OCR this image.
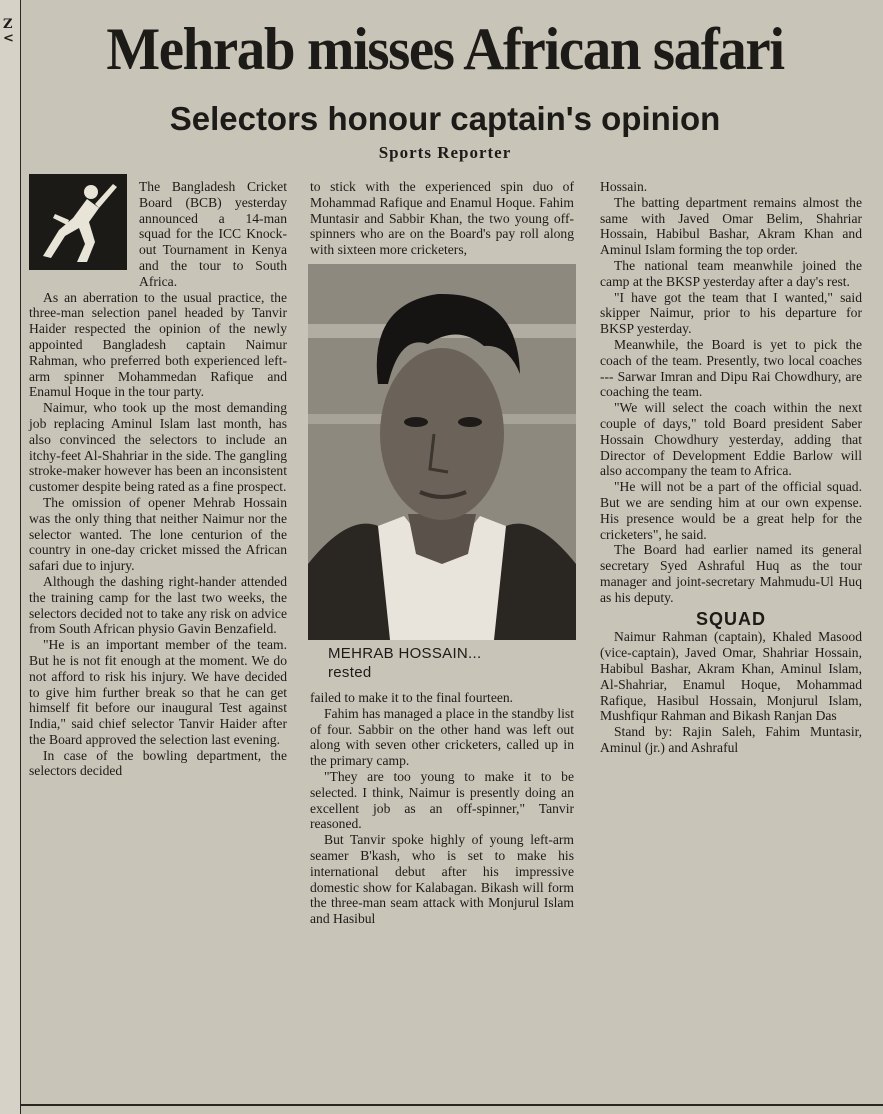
Z <	Mehrab misses African safari
Selectors honour captain's opinion
Sports Reporter

The Bangladesh Cricket Board (BCB) yesterday announced a 14-man squad for the ICC Knock-out Tournament in Kenya and the tour to South Africa.

As an aberration to the usual practice, the three-man selection panel headed by Tanvir Haider respected the opinion of the newly appointed Bangladesh captain Naimur Rahman, who preferred both experienced left-arm spinner Mohammedan Rafique and Enamul Hoque in the tour party.

Naimur, who took up the most demanding job replacing Aminul Islam last month, has also convinced the selectors to include an itchy-feet Al-Shahriar in the side. The gangling stroke-maker however has been an inconsistent customer despite being rated as a fine prospect.

The omission of opener Mehrab Hossain was the only thing that neither Naimur nor the selector wanted. The lone centurion of the country in one-day cricket missed the African safari due to injury.

Although the dashing right-hander attended the training camp for the last two weeks, the selectors decided not to take any risk on advice from South African physio Gavin Benzafield.

"He is an important member of the team. But he is not fit enough at the moment. We do not afford to risk his injury. We have decided to give him further break so that he can get himself fit before our inaugural Test against India," said chief selector Tanvir Haider after the Board approved the selection last evening.

In case of the bowling department, the selectors decided

to stick with the experienced spin duo of Mohammad Rafique and Enamul Hoque. Fahim Muntasir and Sabbir Khan, the two young off-spinners who are on the Board's pay roll along with sixteen more cricketers,

MEHRAB HOSSAIN...
rested

failed to make it to the final fourteen.

Fahim has managed a place in the standby list of four. Sabbir on the other hand was left out along with seven other cricketers, called up in the primary camp.

"They are too young to make it to be selected. I think, Naimur is presently doing an excellent job as an off-spinner," Tanvir reasoned.

But Tanvir spoke highly of young left-arm seamer B'kash, who is set to make his international debut after his impressive domestic show for Kalabagan. Bikash will form the three-man seam attack with Monjurul Islam and Hasibul

Hossain.

The batting department remains almost the same with Javed Omar Belim, Shahriar Hossain, Habibul Bashar, Akram Khan and Aminul Islam forming the top order.

The national team meanwhile joined the camp at the BKSP yesterday after a day's rest.

"I have got the team that I wanted," said skipper Naimur, prior to his departure for BKSP yesterday.

Meanwhile, the Board is yet to pick the coach of the team. Presently, two local coaches --- Sarwar Imran and Dipu Rai Chowdhury, are coaching the team.

"We will select the coach within the next couple of days," told Board president Saber Hossain Chowdhury yesterday, adding that Director of Development Eddie Barlow will also accompany the team to Africa.

"He will not be a part of the official squad. But we are sending him at our own expense. His presence would be a great help for the cricketers", he said.

The Board had earlier named its general secretary Syed Ashraful Huq as the tour manager and joint-secretary Mahmudu-Ul Huq as his deputy.

SQUAD

Naimur Rahman (captain), Khaled Masood (vice-captain), Javed Omar, Shahriar Hossain, Habibul Bashar, Akram Khan, Aminul Islam, Al-Shahriar, Enamul Hoque, Mohammad Rafique, Hasibul Hossain, Monjurul Islam, Mushfiqur Rahman and Bikash Ranjan Das

Stand by: Rajin Saleh, Fahim Muntasir, Aminul (jr.) and Ashraful
